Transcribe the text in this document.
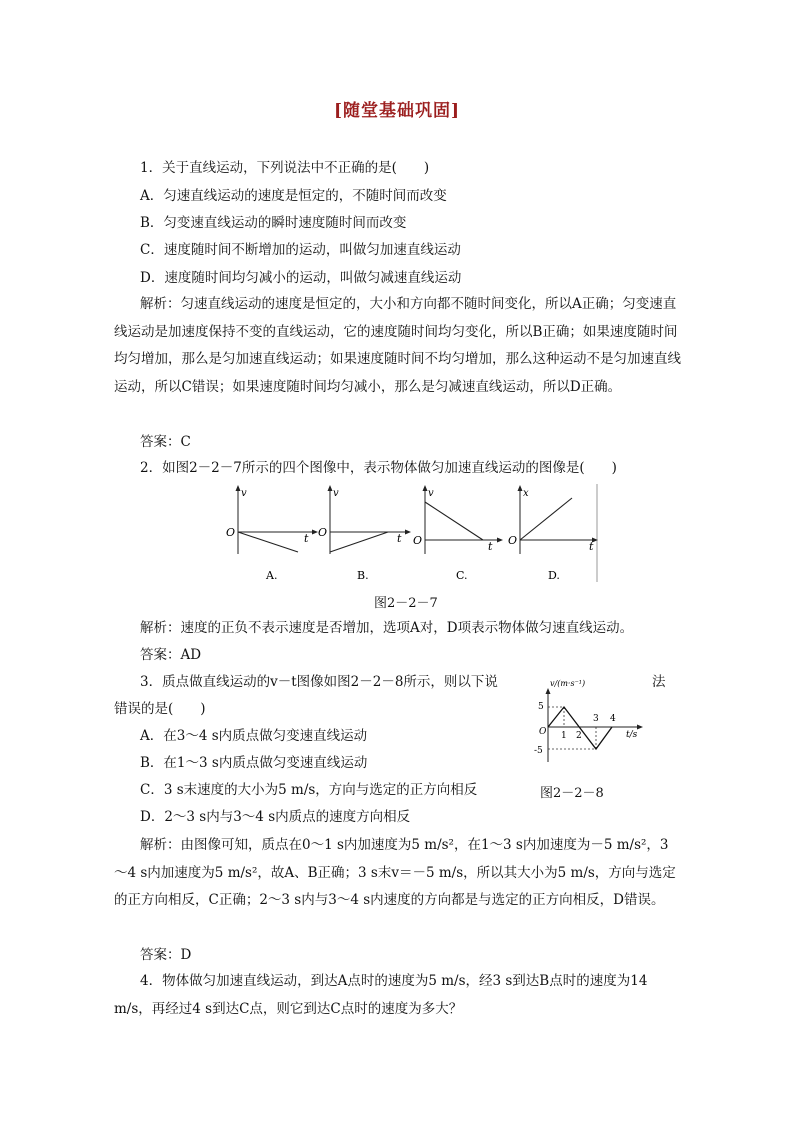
[随堂基础巩固]
1．关于直线运动，下列说法中不正确的是(　　)
A．匀速直线运动的速度是恒定的，不随时间而改变
B．匀变速直线运动的瞬时速度随时间而改变
C．速度随时间不断增加的运动，叫做匀加速直线运动
D．速度随时间均匀减小的运动，叫做匀减速直线运动
解析：匀速直线运动的速度是恒定的，大小和方向都不随时间变化，所以A正确；匀变速直线运动是加速度保持不变的直线运动，它的速度随时间均匀变化，所以B正确；如果速度随时间均匀增加，那么是匀加速直线运动；如果速度随时间不均匀增加，那么这种运动不是匀加速直线运动，所以C错误；如果速度随时间均匀减小，那么是匀减速直线运动，所以D正确。
答案：C
2．如图2－2－7所示的四个图像中，表示物体做匀加速直线运动的图像是(　　)
v
t
O
A.
v
t
O
B.
v
t
O
C.
x
t
O
D.
图2－2－7
解析：速度的正负不表示速度是否增加，选项A对，D项表示物体做匀速直线运动。
答案：AD
3．质点做直线运动的v－t图像如图2－2－8所示，则以下说	法
错误的是(　　)
A．在3～4 s内质点做匀变速直线运动
B．在1～3 s内质点做匀变速直线运动
C．3 s末速度的大小为5 m/s，方向与选定的正方向相反
D．2～3 s内与3～4 s内质点的速度方向相反
v/(m·s⁻¹)
5
-5
O 1 2
3 4
t/s
图2－2－8
解析：由图像可知，质点在0～1 s内加速度为5 m/s²，在1～3 s内加速度为－5 m/s²，3～4 s内加速度为5 m/s²，故A、B正确；3 s末v＝－5 m/s，所以其大小为5 m/s，方向与选定的正方向相反，C正确；2～3 s内与3～4 s内速度的方向都是与选定的正方向相反，D错误。
答案：D
4．物体做匀加速直线运动，到达A点时的速度为5 m/s，经3 s到达B点时的速度为14 m/s，再经过4 s到达C点，则它到达C点时的速度为多大？
